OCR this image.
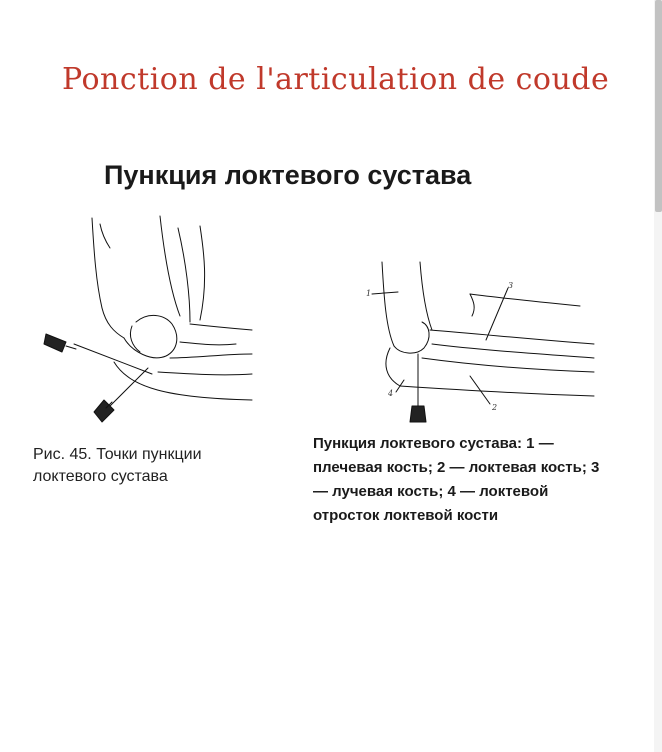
Ponction de l'articulation de coude
Пункция локтевого сустава
1
3
2
4
Рис. 45. Точки пункции
локтевого сустава
Пункция локтевого сустава: 1 — плечевая кость; 2 — локтевая кость; 3 — лучевая кость; 4 — локтевой отросток локтевой кости
